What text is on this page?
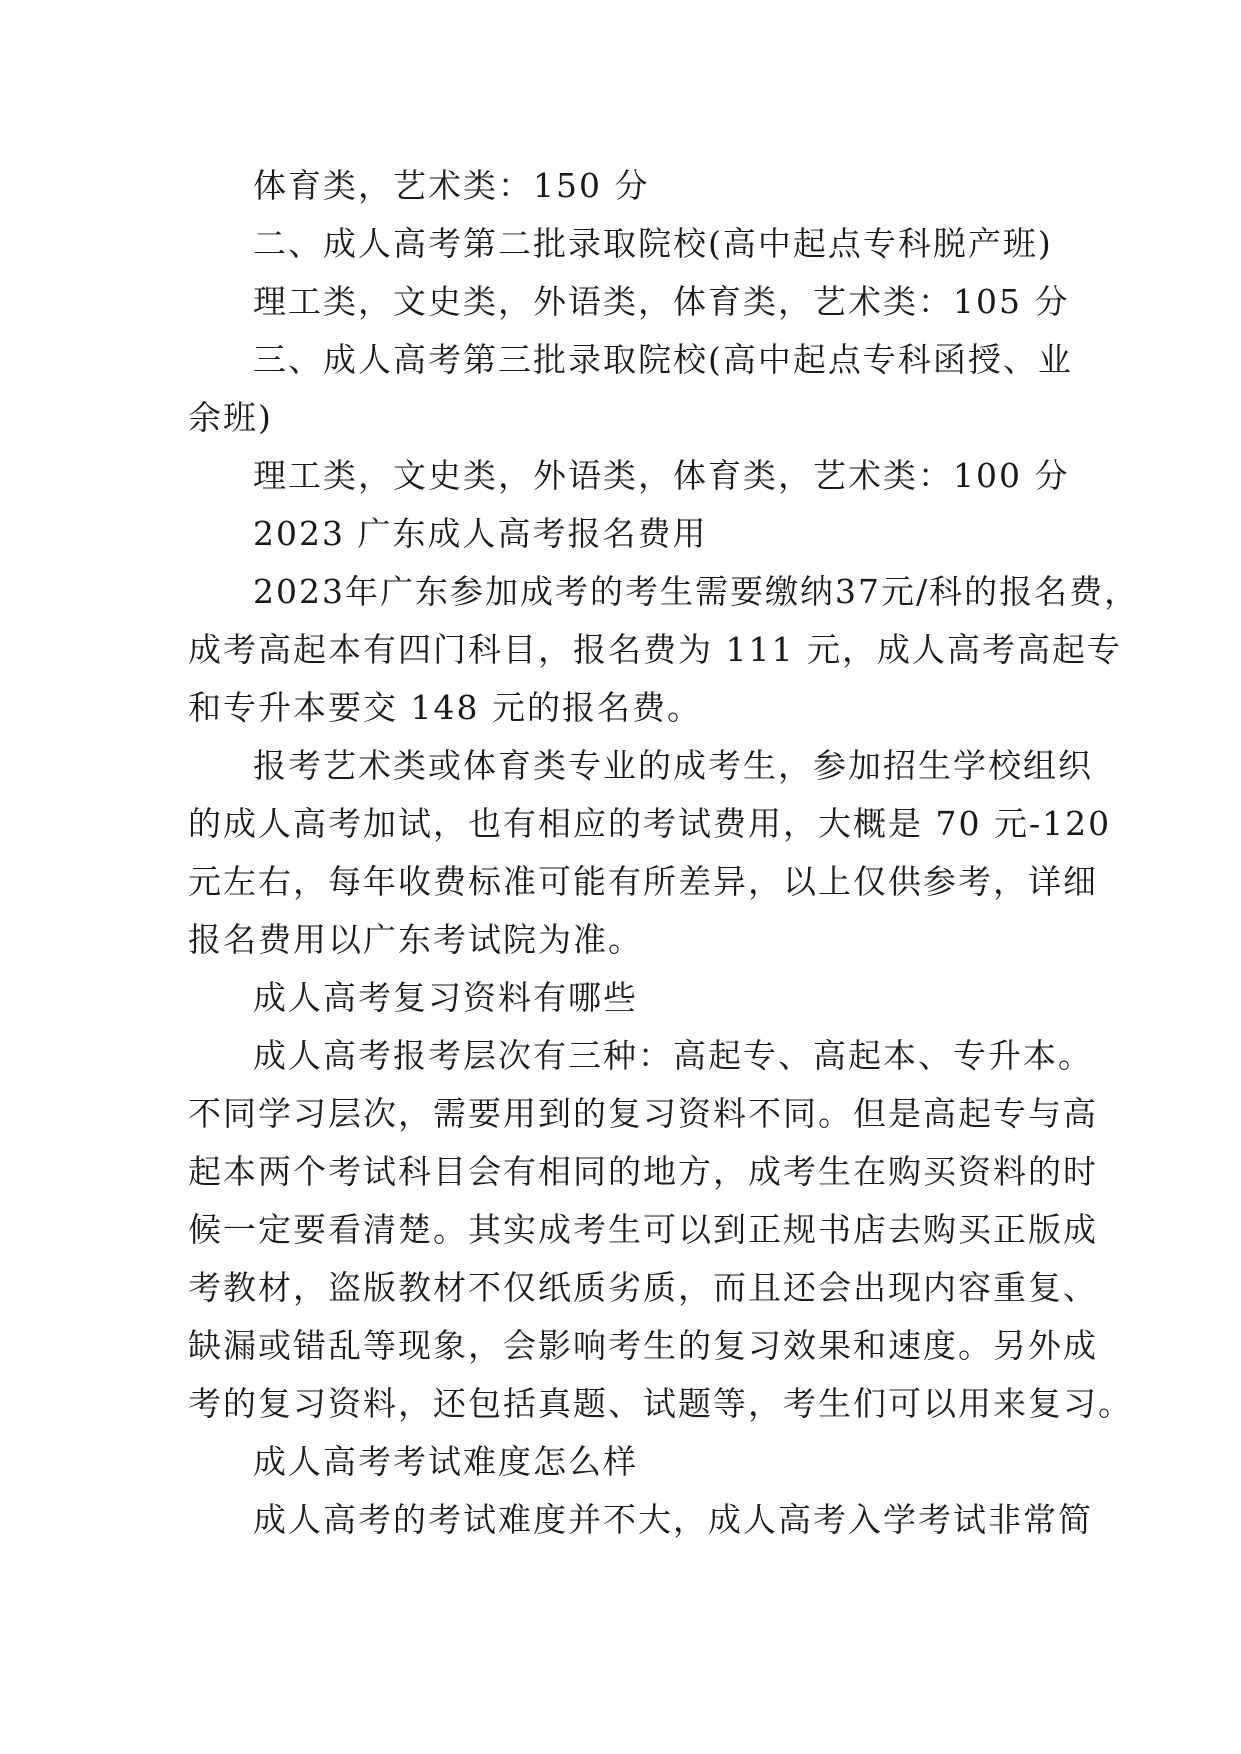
体育类，艺术类：150 分
二、成人高考第二批录取院校(高中起点专科脱产班)
理工类，文史类，外语类，体育类，艺术类：105 分
三、成人高考第三批录取院校(高中起点专科函授、业
余班)
理工类，文史类，外语类，体育类，艺术类：100 分
2023 广东成人高考报名费用
2023年广东参加成考的考生需要缴纳37元/科的报名费，
成考高起本有四门科目，报名费为 111 元，成人高考高起专
和专升本要交 148 元的报名费。
报考艺术类或体育类专业的成考生，参加招生学校组织
的成人高考加试，也有相应的考试费用，大概是 70 元-120
元左右，每年收费标准可能有所差异，以上仅供参考，详细
报名费用以广东考试院为准。
成人高考复习资料有哪些
成人高考报考层次有三种：高起专、高起本、专升本。
不同学习层次，需要用到的复习资料不同。但是高起专与高
起本两个考试科目会有相同的地方，成考生在购买资料的时
候一定要看清楚。其实成考生可以到正规书店去购买正版成
考教材，盗版教材不仅纸质劣质，而且还会出现内容重复、
缺漏或错乱等现象，会影响考生的复习效果和速度。另外成
考的复习资料，还包括真题、试题等，考生们可以用来复习。
成人高考考试难度怎么样
成人高考的考试难度并不大，成人高考入学考试非常简
